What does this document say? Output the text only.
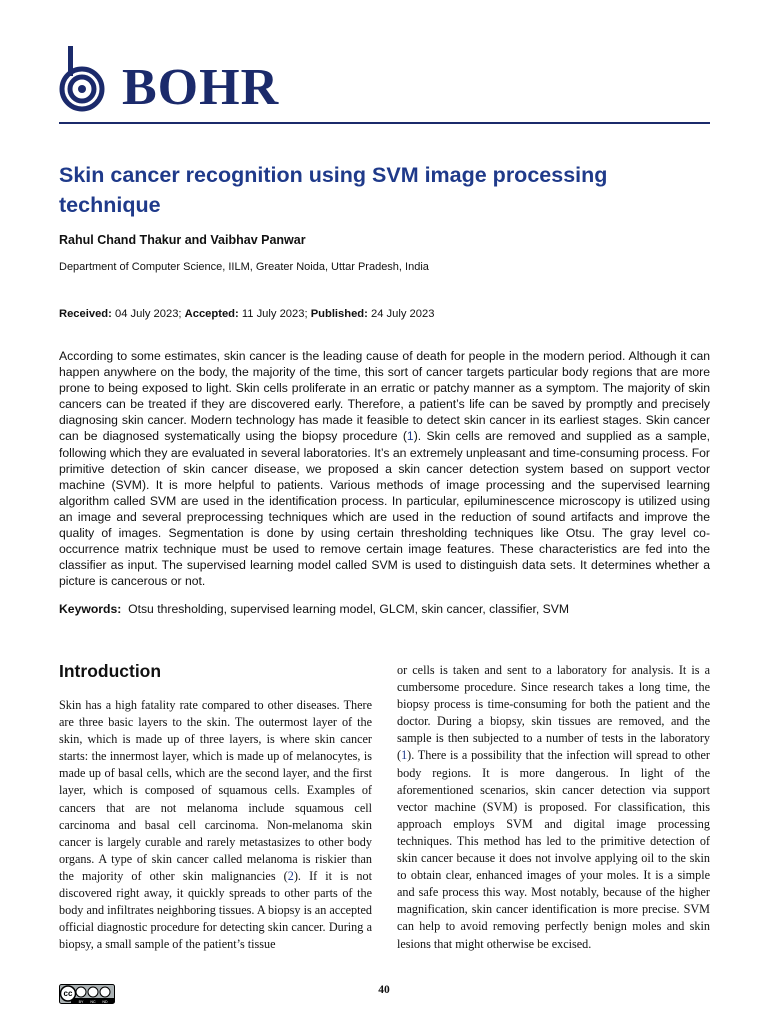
BOHR
Skin cancer recognition using SVM image processing technique
Rahul Chand Thakur and Vaibhav Panwar
Department of Computer Science, IILM, Greater Noida, Uttar Pradesh, India
Received: 04 July 2023; Accepted: 11 July 2023; Published: 24 July 2023

According to some estimates, skin cancer is the leading cause of death for people in the modern period. Although it can happen anywhere on the body, the majority of the time, this sort of cancer targets particular body regions that are more prone to being exposed to light. Skin cells proliferate in an erratic or patchy manner as a symptom. The majority of skin cancers can be treated if they are discovered early. Therefore, a patient’s life can be saved by promptly and precisely diagnosing skin cancer. Modern technology has made it feasible to detect skin cancer in its earliest stages. Skin cancer can be diagnosed systematically using the biopsy procedure (1). Skin cells are removed and supplied as a sample, following which they are evaluated in several laboratories. It’s an extremely unpleasant and time-consuming process. For primitive detection of skin cancer disease, we proposed a skin cancer detection system based on support vector machine (SVM). It is more helpful to patients. Various methods of image processing and the supervised learning algorithm called SVM are used in the identification process. In particular, epiluminescence microscopy is utilized using an image and several preprocessing techniques which are used in the reduction of sound artifacts and improve the quality of images. Segmentation is done by using certain thresholding techniques like Otsu. The gray level co-occurrence matrix technique must be used to remove certain image features. These characteristics are fed into the classifier as input. The supervised learning model called SVM is used to distinguish data sets. It determines whether a picture is cancerous or not.

Keywords: Otsu thresholding, supervised learning model, GLCM, skin cancer, classifier, SVM
Introduction

Skin has a high fatality rate compared to other diseases. There are three basic layers to the skin. The outermost layer of the skin, which is made up of three layers, is where skin cancer starts: the innermost layer, which is made up of melanocytes, is made up of basal cells, which are the second layer, and the first layer, which is composed of squamous cells. Examples of cancers that are not melanoma include squamous cell carcinoma and basal cell carcinoma. Non-melanoma skin cancer is largely curable and rarely metastasizes to other body organs. A type of skin cancer called melanoma is riskier than the majority of other skin malignancies (2). If it is not discovered right away, it quickly spreads to other parts of the body and infiltrates neighboring tissues. A biopsy is an accepted official diagnostic procedure for detecting skin cancer. During a biopsy, a small sample of the patient’s tissue

or cells is taken and sent to a laboratory for analysis. It is a cumbersome procedure. Since research takes a long time, the biopsy process is time-consuming for both the patient and the doctor. During a biopsy, skin tissues are removed, and the sample is then subjected to a number of tests in the laboratory (1). There is a possibility that the infection will spread to other body regions. It is more dangerous. In light of the aforementioned scenarios, skin cancer detection via support vector machine (SVM) is proposed. For classification, this approach employs SVM and digital image processing techniques. This method has led to the primitive detection of skin cancer because it does not involve applying oil to the skin to obtain clear, enhanced images of your moles. It is a simple and safe process this way. Most notably, because of the higher magnification, skin cancer identification is more precise. SVM can help to avoid removing perfectly benign moles and skin lesions that might otherwise be excised.

cc
BY NC ND
40
